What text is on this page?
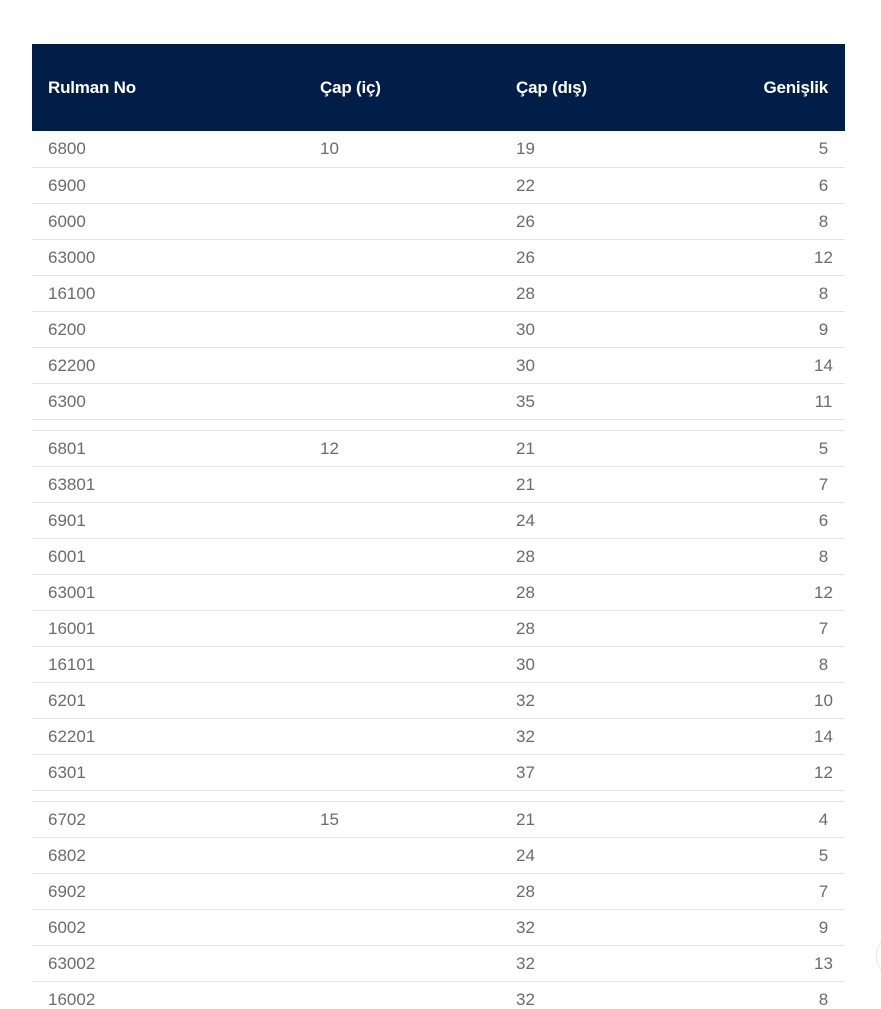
Rulman No	Çap (iç)	Çap (dış)	Genişlik
6800	10	19	5
6900		22	6
6000		26	8
63000		26	12
16100		28	8
6200		30	9
62200		30	14
6300		35	11

6801	12	21	5
63801		21	7
6901		24	6
6001		28	8
63001		28	12
16001		28	7
16101		30	8
6201		32	10
62201		32	14
6301		37	12

6702	15	21	4
6802		24	5
6902		28	7
6002		32	9
63002		32	13
16002		32	8
